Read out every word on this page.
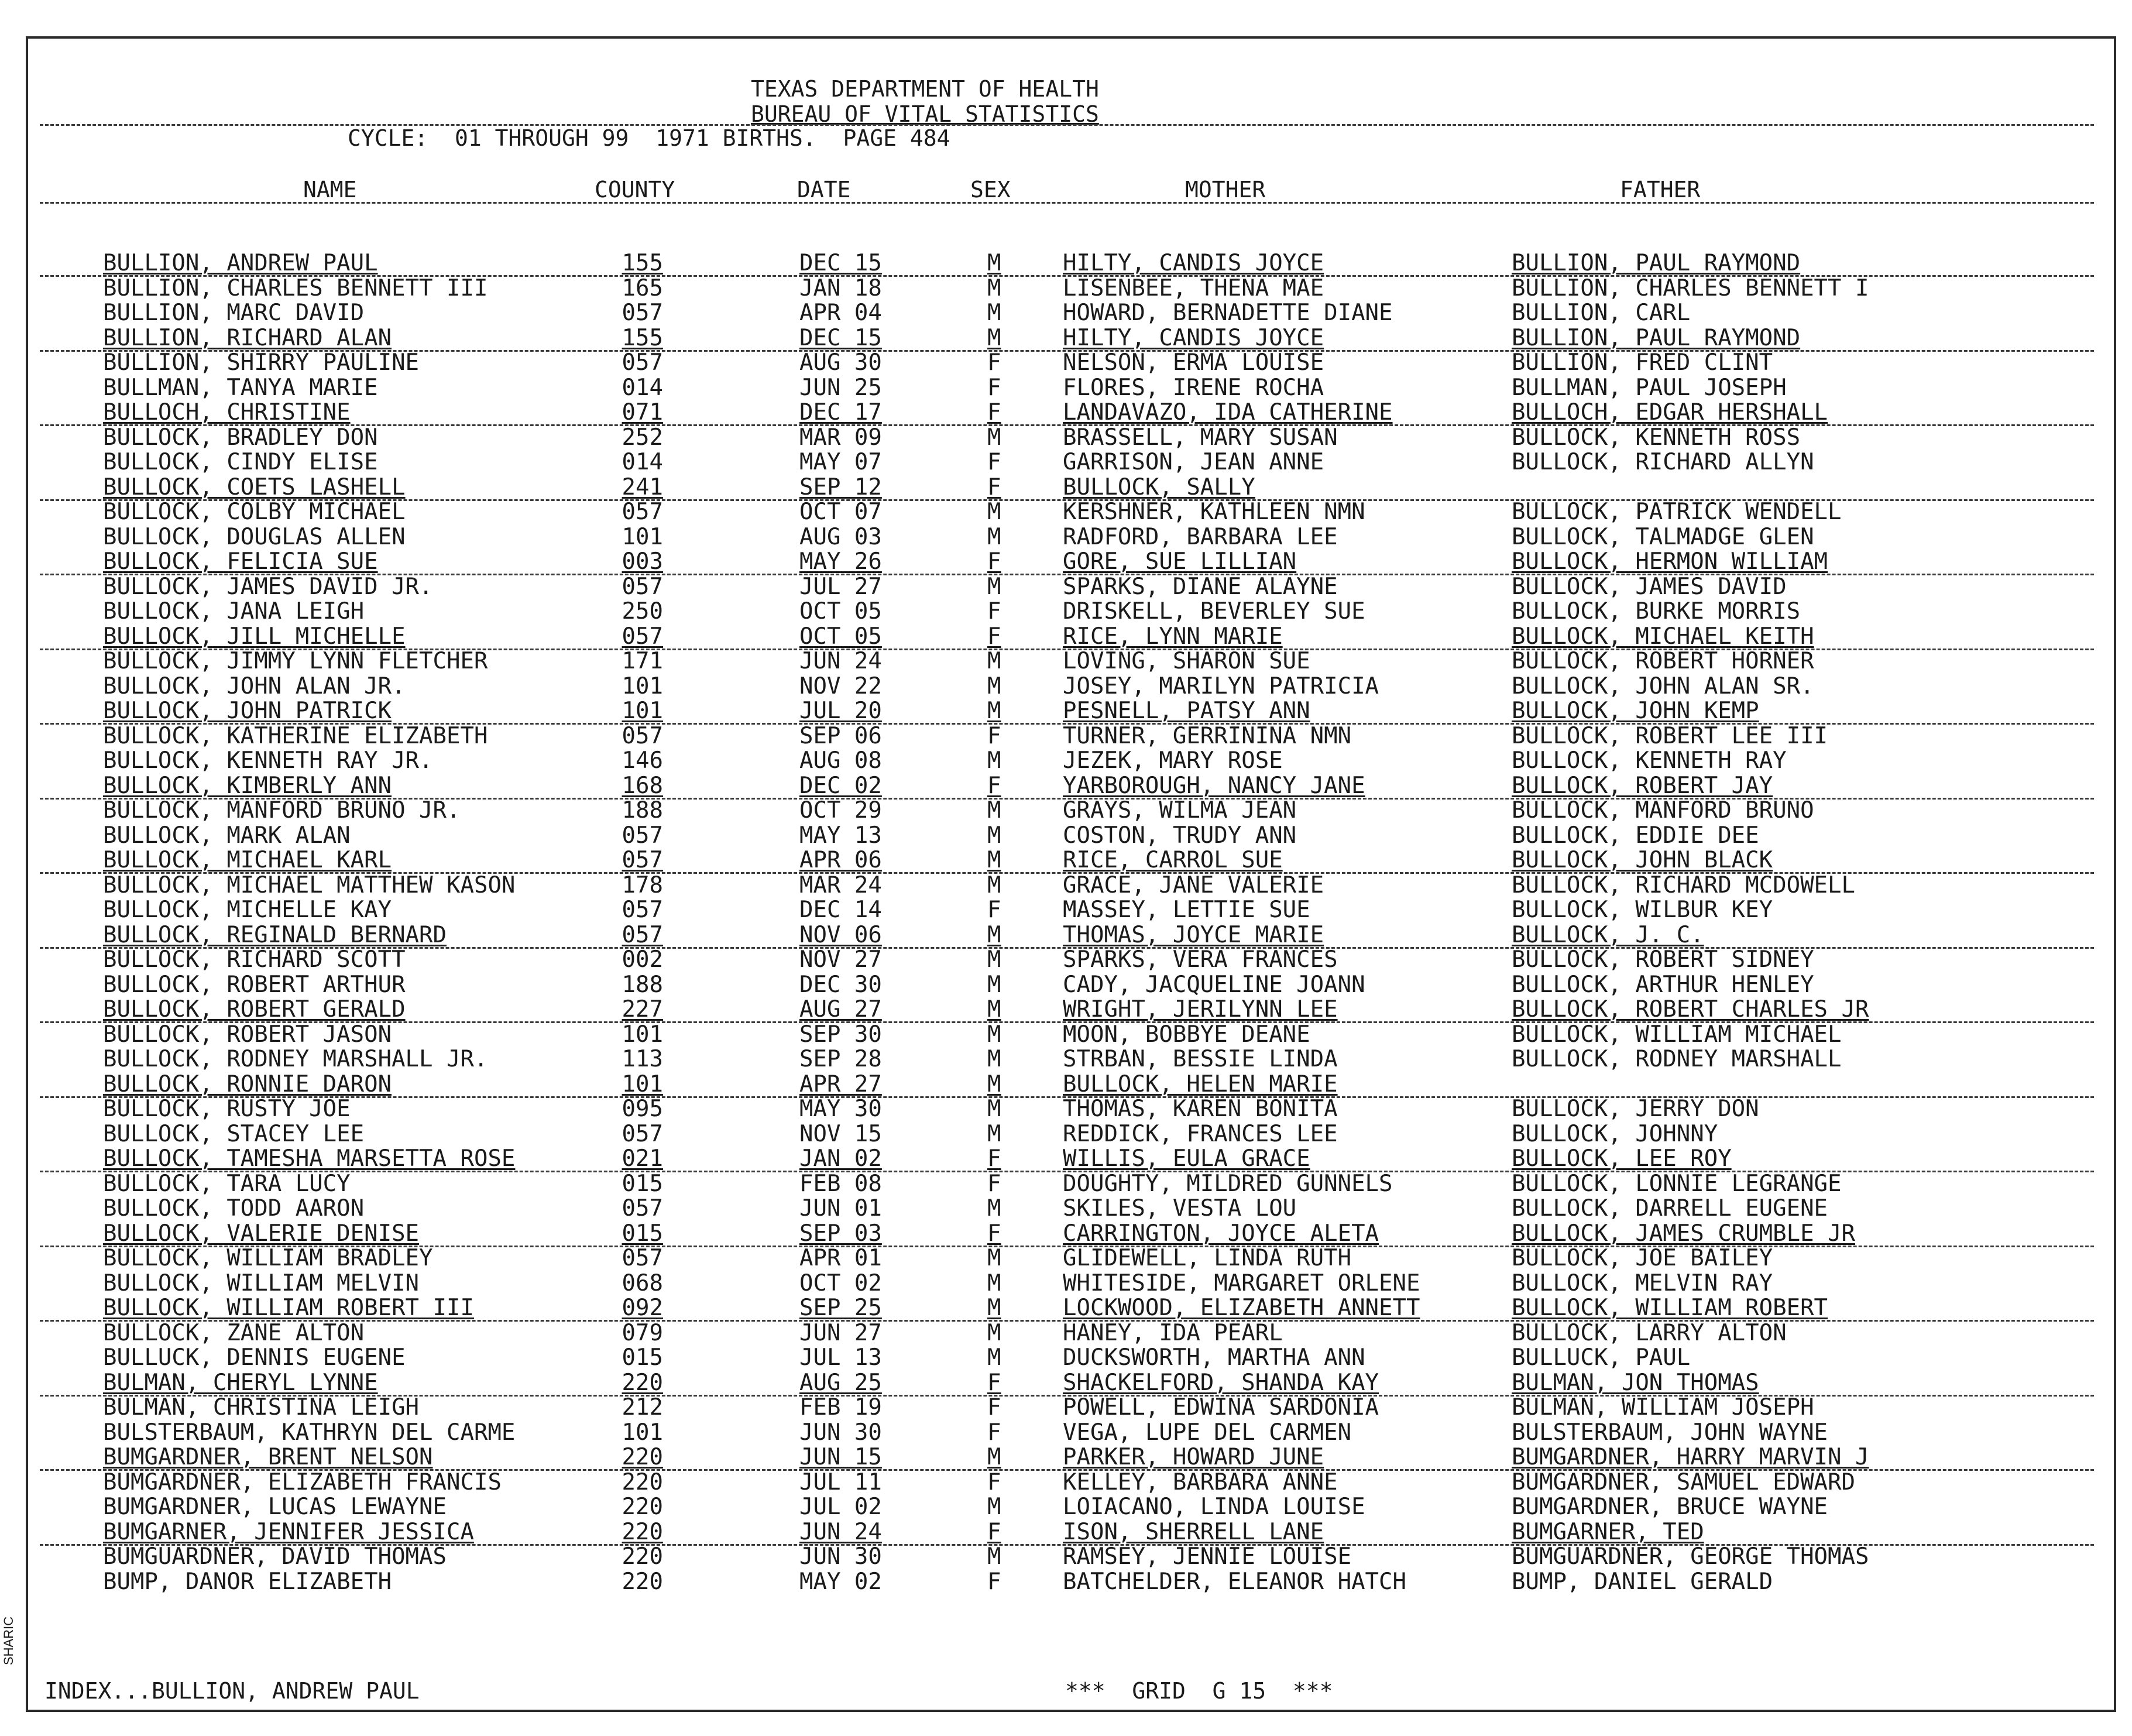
TEXAS DEPARTMENT OF HEALTH
BUREAU OF VITAL STATISTICS
CYCLE:  01 THROUGH 99  1971 BIRTHS.  PAGE 484
NAME	COUNTY	DATE	SEX	MOTHER	FATHER
BULLION, ANDREW PAUL	155	DEC 15	M	HILTY, CANDIS JOYCE	BULLION, PAUL RAYMOND
BULLION, CHARLES BENNETT III	165	JAN 18	M	LISENBEE, THENA MAE	BULLION, CHARLES BENNETT I
BULLION, MARC DAVID	057	APR 04	M	HOWARD, BERNADETTE DIANE	BULLION, CARL
BULLION, RICHARD ALAN	155	DEC 15	M	HILTY, CANDIS JOYCE	BULLION, PAUL RAYMOND
BULLION, SHIRRY PAULINE	057	AUG 30	F	NELSON, ERMA LOUISE	BULLION, FRED CLINT
BULLMAN, TANYA MARIE	014	JUN 25	F	FLORES, IRENE ROCHA	BULLMAN, PAUL JOSEPH
BULLOCH, CHRISTINE	071	DEC 17	F	LANDAVAZO, IDA CATHERINE	BULLOCH, EDGAR HERSHALL
BULLOCK, BRADLEY DON	252	MAR 09	M	BRASSELL, MARY SUSAN	BULLOCK, KENNETH ROSS
BULLOCK, CINDY ELISE	014	MAY 07	F	GARRISON, JEAN ANNE	BULLOCK, RICHARD ALLYN
BULLOCK, COETS LASHELL	241	SEP 12	F	BULLOCK, SALLY
BULLOCK, COLBY MICHAEL	057	OCT 07	M	KERSHNER, KATHLEEN NMN	BULLOCK, PATRICK WENDELL
BULLOCK, DOUGLAS ALLEN	101	AUG 03	M	RADFORD, BARBARA LEE	BULLOCK, TALMADGE GLEN
BULLOCK, FELICIA SUE	003	MAY 26	F	GORE, SUE LILLIAN	BULLOCK, HERMON WILLIAM
BULLOCK, JAMES DAVID JR.	057	JUL 27	M	SPARKS, DIANE ALAYNE	BULLOCK, JAMES DAVID
BULLOCK, JANA LEIGH	250	OCT 05	F	DRISKELL, BEVERLEY SUE	BULLOCK, BURKE MORRIS
BULLOCK, JILL MICHELLE	057	OCT 05	F	RICE, LYNN MARIE	BULLOCK, MICHAEL KEITH
BULLOCK, JIMMY LYNN FLETCHER	171	JUN 24	M	LOVING, SHARON SUE	BULLOCK, ROBERT HORNER
BULLOCK, JOHN ALAN JR.	101	NOV 22	M	JOSEY, MARILYN PATRICIA	BULLOCK, JOHN ALAN SR.
BULLOCK, JOHN PATRICK	101	JUL 20	M	PESNELL, PATSY ANN	BULLOCK, JOHN KEMP
BULLOCK, KATHERINE ELIZABETH	057	SEP 06	F	TURNER, GERRININA NMN	BULLOCK, ROBERT LEE III
BULLOCK, KENNETH RAY JR.	146	AUG 08	M	JEZEK, MARY ROSE	BULLOCK, KENNETH RAY
BULLOCK, KIMBERLY ANN	168	DEC 02	F	YARBOROUGH, NANCY JANE	BULLOCK, ROBERT JAY
BULLOCK, MANFORD BRUNO JR.	188	OCT 29	M	GRAYS, WILMA JEAN	BULLOCK, MANFORD BRUNO
BULLOCK, MARK ALAN	057	MAY 13	M	COSTON, TRUDY ANN	BULLOCK, EDDIE DEE
BULLOCK, MICHAEL KARL	057	APR 06	M	RICE, CARROL SUE	BULLOCK, JOHN BLACK
BULLOCK, MICHAEL MATTHEW KASON	178	MAR 24	M	GRACE, JANE VALERIE	BULLOCK, RICHARD MCDOWELL
BULLOCK, MICHELLE KAY	057	DEC 14	F	MASSEY, LETTIE SUE	BULLOCK, WILBUR KEY
BULLOCK, REGINALD BERNARD	057	NOV 06	M	THOMAS, JOYCE MARIE	BULLOCK, J. C.
BULLOCK, RICHARD SCOTT	002	NOV 27	M	SPARKS, VERA FRANCES	BULLOCK, ROBERT SIDNEY
BULLOCK, ROBERT ARTHUR	188	DEC 30	M	CADY, JACQUELINE JOANN	BULLOCK, ARTHUR HENLEY
BULLOCK, ROBERT GERALD	227	AUG 27	M	WRIGHT, JERILYNN LEE	BULLOCK, ROBERT CHARLES JR
BULLOCK, ROBERT JASON	101	SEP 30	M	MOON, BOBBYE DEANE	BULLOCK, WILLIAM MICHAEL
BULLOCK, RODNEY MARSHALL JR.	113	SEP 28	M	STRBAN, BESSIE LINDA	BULLOCK, RODNEY MARSHALL
BULLOCK, RONNIE DARON	101	APR 27	M	BULLOCK, HELEN MARIE
BULLOCK, RUSTY JOE	095	MAY 30	M	THOMAS, KAREN BONITA	BULLOCK, JERRY DON
BULLOCK, STACEY LEE	057	NOV 15	M	REDDICK, FRANCES LEE	BULLOCK, JOHNNY
BULLOCK, TAMESHA MARSETTA ROSE	021	JAN 02	F	WILLIS, EULA GRACE	BULLOCK, LEE ROY
BULLOCK, TARA LUCY	015	FEB 08	F	DOUGHTY, MILDRED GUNNELS	BULLOCK, LONNIE LEGRANGE
BULLOCK, TODD AARON	057	JUN 01	M	SKILES, VESTA LOU	BULLOCK, DARRELL EUGENE
BULLOCK, VALERIE DENISE	015	SEP 03	F	CARRINGTON, JOYCE ALETA	BULLOCK, JAMES CRUMBLE JR
BULLOCK, WILLIAM BRADLEY	057	APR 01	M	GLIDEWELL, LINDA RUTH	BULLOCK, JOE BAILEY
BULLOCK, WILLIAM MELVIN	068	OCT 02	M	WHITESIDE, MARGARET ORLENE	BULLOCK, MELVIN RAY
BULLOCK, WILLIAM ROBERT III	092	SEP 25	M	LOCKWOOD, ELIZABETH ANNETT	BULLOCK, WILLIAM ROBERT
BULLOCK, ZANE ALTON	079	JUN 27	M	HANEY, IDA PEARL	BULLOCK, LARRY ALTON
BULLUCK, DENNIS EUGENE	015	JUL 13	M	DUCKSWORTH, MARTHA ANN	BULLUCK, PAUL
BULMAN, CHERYL LYNNE	220	AUG 25	F	SHACKELFORD, SHANDA KAY	BULMAN, JON THOMAS
BULMAN, CHRISTINA LEIGH	212	FEB 19	F	POWELL, EDWINA SARDONIA	BULMAN, WILLIAM JOSEPH
BULSTERBAUM, KATHRYN DEL CARME	101	JUN 30	F	VEGA, LUPE DEL CARMEN	BULSTERBAUM, JOHN WAYNE
BUMGARDNER, BRENT NELSON	220	JUN 15	M	PARKER, HOWARD JUNE	BUMGARDNER, HARRY MARVIN J
BUMGARDNER, ELIZABETH FRANCIS	220	JUL 11	F	KELLEY, BARBARA ANNE	BUMGARDNER, SAMUEL EDWARD
BUMGARDNER, LUCAS LEWAYNE	220	JUL 02	M	LOIACANO, LINDA LOUISE	BUMGARDNER, BRUCE WAYNE
BUMGARNER, JENNIFER JESSICA	220	JUN 24	F	ISON, SHERRELL LANE	BUMGARNER, TED
BUMGUARDNER, DAVID THOMAS	220	JUN 30	M	RAMSEY, JENNIE LOUISE	BUMGUARDNER, GEORGE THOMAS
BUMP, DANOR ELIZABETH	220	MAY 02	F	BATCHELDER, ELEANOR HATCH	BUMP, DANIEL GERALD
INDEX...BULLION, ANDREW PAUL	***  GRID  G 15  ***
SHARIC
